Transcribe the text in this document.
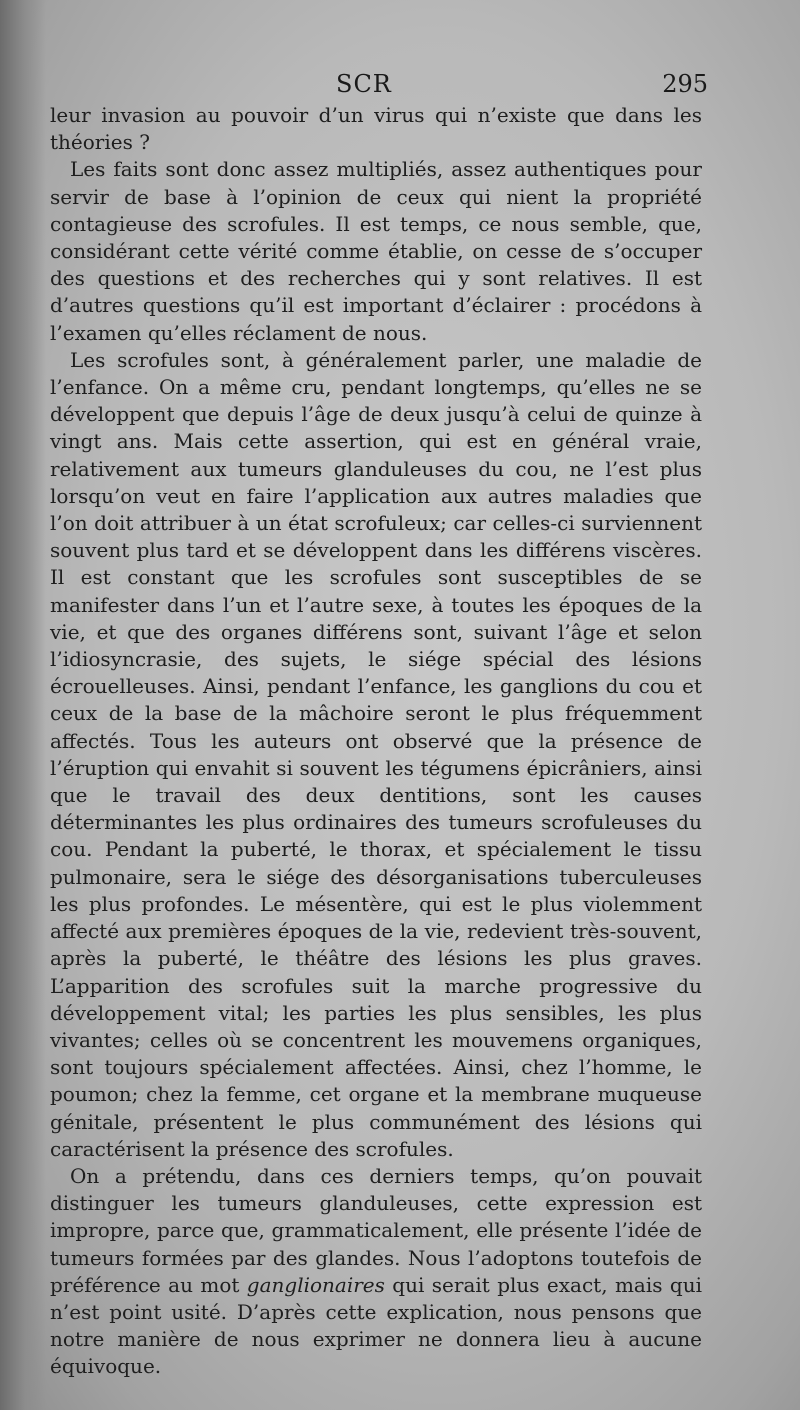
SCR	295

leur invasion au pouvoir d’un virus qui n’existe que dans les théories ?

Les faits sont donc assez multipliés, assez authentiques pour servir de base à l’opinion de ceux qui nient la propriété contagieuse des scrofules. Il est temps, ce nous semble, que, considérant cette vérité comme établie, on cesse de s’occuper des questions et des recherches qui y sont relatives. Il est d’autres questions qu’il est important d’éclairer : procédons à l’examen qu’elles réclament de nous.

Les scrofules sont, à généralement parler, une maladie de l’enfance. On a même cru, pendant longtemps, qu’elles ne se développent que depuis l’âge de deux jusqu’à celui de quinze à vingt ans. Mais cette assertion, qui est en général vraie, relativement aux tumeurs glanduleuses du cou, ne l’est plus lorsqu’on veut en faire l’application aux autres maladies que l’on doit attribuer à un état scrofuleux; car celles-ci surviennent souvent plus tard et se développent dans les différens viscères. Il est constant que les scrofules sont susceptibles de se manifester dans l’un et l’autre sexe, à toutes les époques de la vie, et que des organes différens sont, suivant l’âge et selon l’idiosyncrasie, des sujets, le siége spécial des lésions écrouelleuses. Ainsi, pendant l’enfance, les ganglions du cou et ceux de la base de la mâchoire seront le plus fréquemment affectés. Tous les auteurs ont observé que la présence de l’éruption qui envahit si souvent les tégumens épicrâniers, ainsi que le travail des deux dentitions, sont les causes déterminantes les plus ordinaires des tumeurs scrofuleuses du cou. Pendant la puberté, le thorax, et spécialement le tissu pulmonaire, sera le siége des désorganisations tuberculeuses les plus profondes. Le mésentère, qui est le plus violemment affecté aux premières époques de la vie, redevient très-souvent, après la puberté, le théâtre des lésions les plus graves. L’apparition des scrofules suit la marche progressive du développement vital; les parties les plus sensibles, les plus vivantes; celles où se concentrent les mouvemens organiques, sont toujours spécialement affectées. Ainsi, chez l’homme, le poumon; chez la femme, cet organe et la membrane muqueuse génitale, présentent le plus communément des lésions qui caractérisent la présence des scrofules.

On a prétendu, dans ces derniers temps, qu’on pouvait distinguer les tumeurs glanduleuses, cette expression est impropre, parce que, grammaticalement, elle présente l’idée de tumeurs formées par des glandes. Nous l’adoptons toutefois de préférence au mot ganglionaires qui serait plus exact, mais qui n’est point usité. D’après cette explication, nous pensons que notre manière de nous exprimer ne donnera lieu à aucune équivoque.
